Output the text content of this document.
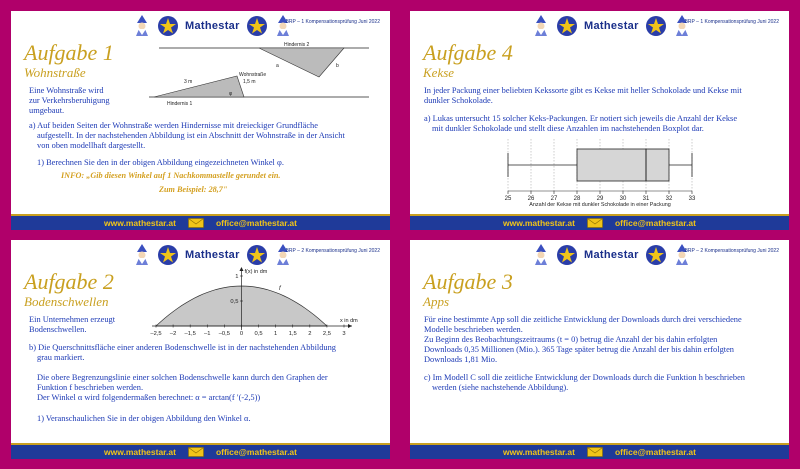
Mathestar	BRP – 1 Kompensationsprüfung Juni 2022
Aufgabe 1
Wohnstraße
Hindernis 2
Hindernis 1
Wohnstraße
3 m	1,5 m
a	b
φ
Eine Wohnstraße wird
zur Verkehrsberuhigung
umgebaut.
a) Auf beiden Seiten der Wohnstraße werden Hindernisse mit dreieckiger Grundfläche
aufgestellt. In der nachstehenden Abbildung ist ein Abschnitt der Wohnstraße in der Ansicht
von oben modellhaft dargestellt.
1) Berechnen Sie den in der obigen Abbildung eingezeichneten Winkel φ.
INFO: „Gib diesen Winkel auf 1 Nachkommastelle gerundet ein.
Zum Beispiel: 28,7"
www.mathestar.at	office@mathestar.at
Mathestar	BRP – 1 Kompensationsprüfung Juni 2022
Aufgabe 4
Kekse
In jeder Packung einer beliebten Kekssorte gibt es Kekse mit heller Schokolade und Kekse mit
dunkler Schokolade.
a) Lukas untersucht 15 solcher Keks-Packungen. Er notiert sich jeweils die Anzahl der Kekse
mit dunkler Schokolade und stellt diese Anzahlen im nachstehenden Boxplot dar.
25	26	27	28	29	30	31	32	33
Anzahl der Kekse mit dunkler Schokolade in einer Packung
www.mathestar.at	office@mathestar.at
Mathestar	BRP – 2 Kompensationsprüfung Juni 2022
Aufgabe 2
Bodenschwellen
–2,5 –2 –1,5 –1 –0,5 0 0,5 1 1,5 2 2,5 3
0,5
1
f(x) in dm
x in dm
f
Ein Unternehmen erzeugt
Bodenschwellen.
b) Die Querschnittsfläche einer anderen Bodenschwelle ist in der nachstehenden Abbildung
grau markiert.
Die obere Begrenzungslinie einer solchen Bodenschwelle kann durch den Graphen der
Funktion f beschrieben werden.
Der Winkel α wird folgendermaßen berechnet: α = arctan(f ′(-2,5))
1) Veranschaulichen Sie in der obigen Abbildung den Winkel α.
www.mathestar.at	office@mathestar.at
Mathestar	BRP – 2 Kompensationsprüfung Juni 2022
Aufgabe 3
Apps
Für eine bestimmte App soll die zeitliche Entwicklung der Downloads durch drei verschiedene
Modelle beschrieben werden.
Zu Beginn des Beobachtungszeitraums (t = 0) betrug die Anzahl der bis dahin erfolgten
Downloads 0,35 Millionen (Mio.). 365 Tage später betrug die Anzahl der bis dahin erfolgten
Downloads 1,81 Mio.
c) Im Modell C soll die zeitliche Entwicklung der Downloads durch die Funktion h beschrieben
werden (siehe nachstehende Abbildung).
www.mathestar.at	office@mathestar.at
